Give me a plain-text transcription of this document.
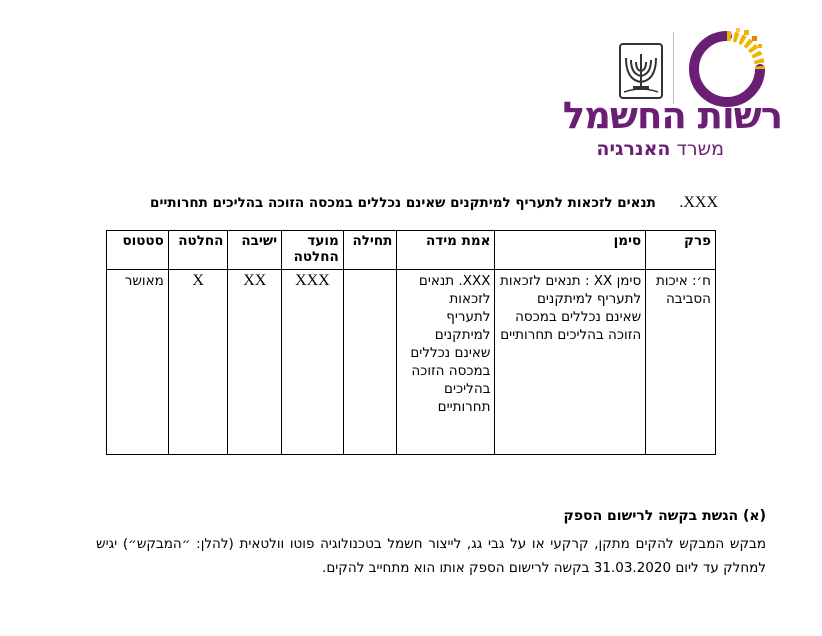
רשות החשמל
משרד האנרגיה
XXX.     תנאים לזכאות לתעריף למיתקנים שאינם נכללים במכסה הזוכה בהליכים תחרותיים
פרק	סימן	אמת מידה	תחילה	מועד החלטה	ישיבה	החלטה	סטטוס
ח׳: איכות הסביבה	סימן XX : תנאים לזכאות לתעריף למיתקנים שאינם נכללים במכסה הזוכה בהליכים תחרותיים	XXX. תנאים לזכאות לתעריף למיתקנים שאינם נכללים במכסה הזוכה בהליכים תחרותיים		XXX	XX	X	מאושר
(א) הגשת בקשה לרישום הספק
מבקש המבקש להקים מתקן, קרקעי או על גבי גג, לייצור חשמל בטכנולוגיה פוטו וולטאית (להלן: ״המבקש״) יגיש למחלק עד ליום 31.03.2020 בקשה לרישום הספק אותו הוא מתחייב להקים.
